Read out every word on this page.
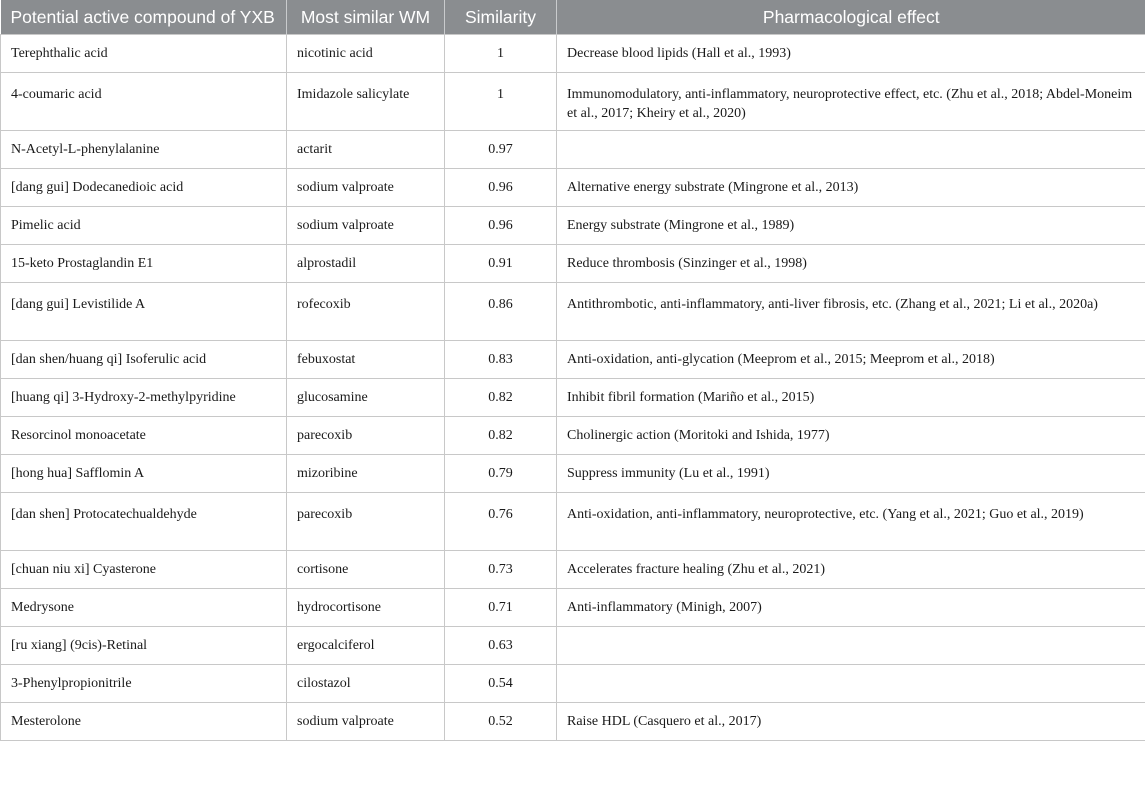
Potential active compound of YXB	Most similar WM	Similarity	Pharmacological effect
Terephthalic acid	nicotinic acid	1	Decrease blood lipids (Hall et al., 1993)
4-coumaric acid	Imidazole salicylate	1	Immunomodulatory, anti-inflammatory, neuroprotective effect, etc. (Zhu et al., 2018; Abdel-Moneim et al., 2017; Kheiry et al., 2020)
N-Acetyl-L-phenylalanine	actarit	0.97	
[dang gui] Dodecanedioic acid	sodium valproate	0.96	Alternative energy substrate (Mingrone et al., 2013)
Pimelic acid	sodium valproate	0.96	Energy substrate (Mingrone et al., 1989)
15-keto Prostaglandin E1	alprostadil	0.91	Reduce thrombosis (Sinzinger et al., 1998)
[dang gui] Levistilide A	rofecoxib	0.86	Antithrombotic, anti-inflammatory, anti-liver fibrosis, etc. (Zhang et al., 2021; Li et al., 2020a)
[dan shen/huang qi] Isoferulic acid	febuxostat	0.83	Anti-oxidation, anti-glycation (Meeprom et al., 2015; Meeprom et al., 2018)
[huang qi] 3-Hydroxy-2-methylpyridine	glucosamine	0.82	Inhibit fibril formation (Mariño et al., 2015)
Resorcinol monoacetate	parecoxib	0.82	Cholinergic action (Moritoki and Ishida, 1977)
[hong hua] Safflomin A	mizoribine	0.79	Suppress immunity (Lu et al., 1991)
[dan shen] Protocatechualdehyde	parecoxib	0.76	Anti-oxidation, anti-inflammatory, neuroprotective, etc. (Yang et al., 2021; Guo et al., 2019)
[chuan niu xi] Cyasterone	cortisone	0.73	Accelerates fracture healing (Zhu et al., 2021)
Medrysone	hydrocortisone	0.71	Anti-inflammatory (Minigh, 2007)
[ru xiang] (9cis)-Retinal	ergocalciferol	0.63	
3-Phenylpropionitrile	cilostazol	0.54	
Mesterolone	sodium valproate	0.52	Raise HDL (Casquero et al., 2017)
